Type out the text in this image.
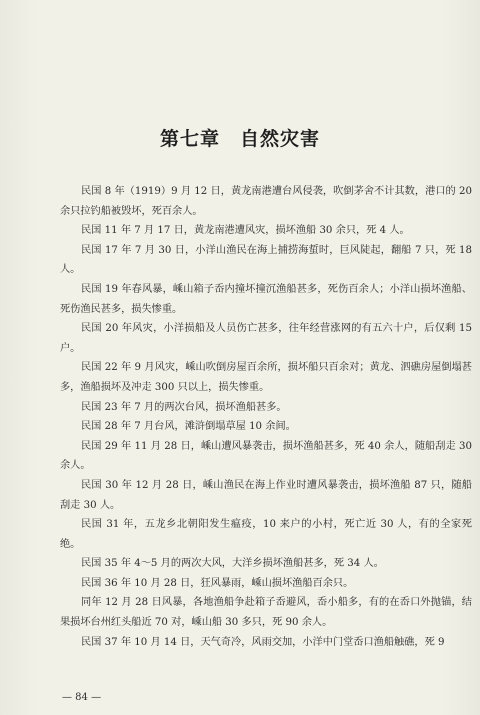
第七章　自然灾害

民国 8 年（1919）9 月 12 日，黄龙南港遭台风侵袭，吹倒茅舍不计其数，港口的 20 余只拉钓船被毁坏，死百余人。

民国 11 年 7 月 17 日，黄龙南港遭风灾，损坏渔船 30 余只，死 4 人。

民国 17 年 7 月 30 日，小洋山渔民在海上捕捞海蜇时，巨风陡起，翻船 7 只，死 18 人。

民国 19 年春风暴，嵊山箱子岙内撞坏撞沉渔船甚多，死伤百余人；小洋山损坏渔船、死伤渔民甚多，损失惨重。

民国 20 年风灾，小洋损船及人员伤亡甚多，往年经营涨网的有五六十户，后仅剩 15 户。

民国 22 年 9 月风灾，嵊山吹倒房屋百余所，损坏船只百余对；黄龙、泗礁房屋倒塌甚多，渔船损坏及冲走 300 只以上，损失惨重。

民国 23 年 7 月的两次台风，损坏渔船甚多。

民国 28 年 7 月台风，滩浒倒塌草屋 10 余间。

民国 29 年 11 月 28 日，嵊山遭风暴袭击，损坏渔船甚多，死 40 余人，随船刮走 30 余人。

民国 30 年 12 月 28 日，嵊山渔民在海上作业时遭风暴袭击，损坏渔船 87 只，随船刮走 30 人。

民国 31 年，五龙乡北朝阳发生瘟疫，10 来户的小村，死亡近 30 人，有的全家死绝。

民国 35 年 4～5 月的两次大风，大洋乡损坏渔船甚多，死 34 人。

民国 36 年 10 月 28 日，狂风暴雨，嵊山损坏渔船百余只。

同年 12 月 28 日风暴，各地渔船争赴箱子岙避风，岙小船多，有的在岙口外抛锚，结果损坏台州红头船近 70 对，嵊山船 30 多只，死 90 余人。

民国 37 年 10 月 14 日，天气奇冷，风雨交加，小洋中门堂岙口渔船触礁，死 9

— 84 —
